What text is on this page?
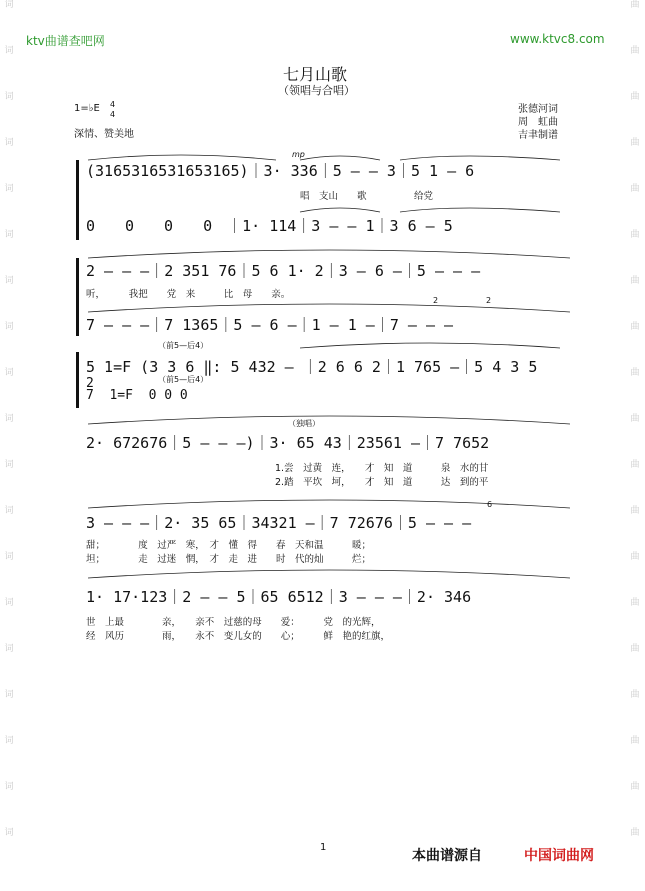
词
词
词
词
词
词
词
词
词
词
词
词
词
词
词
词
词
词
词
曲
曲
曲
曲
曲
曲
曲
曲
曲
曲
曲
曲
曲
曲
曲
曲
曲
曲
曲
ktv曲谱查吧网	www.ktvc8.com
七月山歌
（领唱与合唱）
1=♭E 4
4
深情、赞美地
张德河词
周　虹曲
吉聿制谱
mp
(3165316531653165)｜3· 336｜5 — — 3｜5 1 — 6
唱　支山　　歌　　　　　给党
0　　0　　0　　0　｜1· 114｜3 — — 1｜3 6 — 5
2 — — —｜2 351 76｜5 6 1· 2｜3 — 6 —｜5 — — —
听，　　　我把　　党　来　　　比　母　　亲。
2	2
7 — — —｜7 1365｜5 — 6 —｜1 — 1 —｜7 — — —
（前5—后4）
5 1=F (3 3 6 ‖: 5 432 — ｜2 6 6 2｜1 765 —｜5 4 3 5
（前5—后4）
2
7  1=F  0 0 0
（独唱）
2· 672676｜5 — — —)｜3· 65 43｜23561 —｜7 7652
1.尝　过黄　连，　　才　知　道　　　泉　水的甘
2.踏　平坎　坷，　　才　知　道　　　达　到的平
6
3 — — —｜2· 35 65｜34321 —｜7 72676｜5 — — —
甜；　　　　度　过严　寒，　才　懂　得　　春　天和温　　　暖；
坦；　　　　走　过迷　惘，　才　走　进　　时　代的灿　　　烂；
1· 17·123｜2 — — 5｜65 6512｜3 — — —｜2· 346
世　上最　　　　亲，　　亲不　过慈的母　　爱：　　　党　的光辉，
经　风历　　　　雨，　　永不　变儿女的　　心；　　　鲜　艳的红旗，
1
本曲谱源自	中国词曲网
